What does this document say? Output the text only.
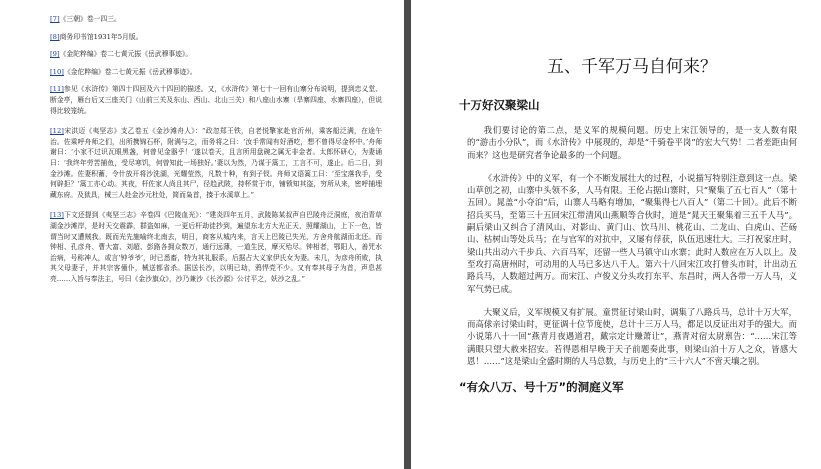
[7]《三朝》卷一四三。

[8]商务印书馆1931年5月版。

[9]《金陀粹编》卷二七黄元振《岳武穆事迹》。

[10]《金佗粹编》卷二七黄元振《岳武穆事迹》。

[11]参见《水浒传》第四十四回及六十四回的描述。又，《水浒传》第七十一回有山寨分布说明，提到忠义堂、断金亭，雁台后又三座关门（山前三关及东山、西山、北山三关）和八座山水寨（旱寨四座、水寨四座），但说得比较笼统。

[12]宋洪迈《夷坚志》支乙卷五《金沙滩舟人》：“政忽郑王铁，自老悦擎家赴官沂州，乘客船泛满，在途午治。佐乘呼舟师之们，出所携锦石杯，附满与之，而务将之曰：‘汝手常闻有好酒吃，想不曾得尽金杯中。’舟师谢曰：‘小家不过识瓦眼黑盏，何曾见金器乎！’遂以卷天，且言所用盘碗之属无非金者。太郎怀研心，为妻诵曰：‘我终年劳苦捕鱼，受尽寒饥，何曾知此一场独好。’妻以为然，乃谋于篙工，工言不可，遂止。后二日，到金沙滩。佐妻积蓄，令什放开将沙洗湖，光耀莹然，凡数十种，有到子钗。舟师又语篙工曰：‘至宝落我手，受何辟拒？’篙工亦心动。其夜，杆佐家人尚且其尸，径趋武陂，持杯赏于市，铺锁知其盗，穷所从来，密呼捕埋藏东府。及狱具，械三人赴金沙元杜处，简而枭首，揍于水溪草上。”

[13]下文还提到《夷坚三志》辛卷四《巴陵血光》：“建炎四年五月，武陵陈某叔声自巴陵舟泛洞庭，夜泊青草湖金沙滩岸，是时天交震霹，群盗如麻，一更后杆劫徒抄到，遍望东北方大光正天，照耀湖山，上下一色，皆谓当时又遭贼我。既而光先施喻终北南去，明日，商客从城内来，言天上巴陵已失光，方舍舟航湖而北还。而钟相、孔彦舟、曹大富、刘超、彭路各拥众数万，通行远薄，一道生民，摩灭殆尽。钟相者，鄂阳人，善咒水治病，号称神人，或言‘钟爷爷’，时已悉畜，特为其礼服系，后据占大义家伊氏女为妻。未几，为彦舟所败，执其父母妻子，并其宗客僮仆，械送都省杀。据送长沙，以明已劫，鸦悍党不少。又有奉其母子为首，声息甚亮……入旨与奉法主，号曰《金沙旗众》，沙乃兼沙《长沙源》公讨平之，妖沙之乱。”

五、千军万马自何来？
十万好汉聚梁山

我们要讨论的第二点，是义军的规模问题。历史上宋江领导的，是一支人数有限的“游击小分队”，而《水浒传》中展现的，却是“千骑卷平岗”的宏大气势！二者差距由何而来？这也是研究者争论最多的一个问题。

《水浒传》中的义军，有一个不断发展壮大的过程，小说描写特别注意到这一点。梁山草创之初，山寨中头领不多，人马有限。王伦占据山寨时，只“聚集了五七百人”（第十五回）。晁盖“小夺泊”后，山寨人马略有增加，“聚集得七八百人”（第二十回）。此后不断招兵买马，至第三十五回宋江带清风山燕顺等合伙时，道是“晁天王聚集着三五千人马”。嗣后梁山又纠合了清风山、对影山、黄门山、饮马川、桃花山、二龙山、白虎山、芒砀山、枯树山等处兵马；在与官军的对抗中，又屡有俘获，队伍迅速壮大。三打祝家庄时，梁山共出动六千步兵、六百马军，还留一些人马镇守山水寨；此时人数应在万人以上。及至攻打高唐州时，可动用的人马已多达八千人。第六十八回宋江攻打曾头市时，计出动五路兵马，人数超过两万。而宋江、卢俊义分头攻打东平、东昌时，两人各带一万人马，义军气势已成。

大聚义后，义军规模又有扩展。童贯征讨梁山时，调集了八路兵马，总计十万大军，而高俅亲讨梁山时，更征调十位节度使，总计十三万人马，都足以反证出对手的强大。而小说第八十一回“燕青月夜遇道君，戴宗定计赚萧让”，燕青对宿太尉禀告：“……宋江等满眼只望大赦来招安。若得恩相早晚于天子前题奏此事，则梁山泊十万人之众，皆感大恩！……”这是梁山全盛时期的人马总数，与历史上的“三十六人”不啻天壤之别。

“有众八万、号十万”的洞庭义军
